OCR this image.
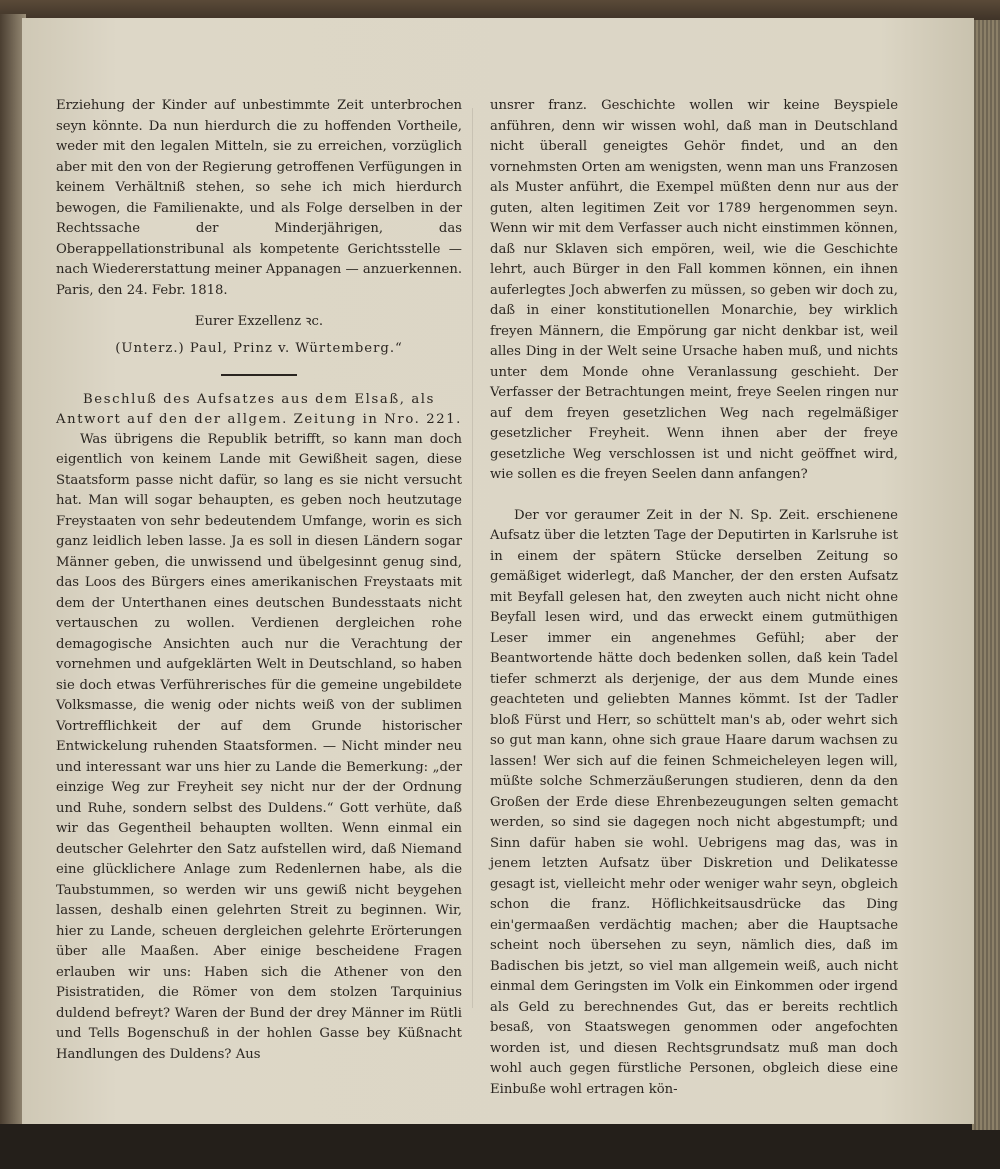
Erziehung der Kinder auf unbestimmte Zeit unterbrochen seyn könnte. Da nun hierdurch die zu hoffenden Vortheile, weder mit den legalen Mitteln, sie zu erreichen, vorzüglich aber mit den von der Regierung getroffenen Verfügungen in keinem Verhältniß stehen, so sehe ich mich hierdurch bewogen, die Familienakte, und als Folge derselben in der Rechtssache der Minderjährigen, das Oberappellationstribunal als kompetente Gerichtsstelle — nach Wiedererstattung meiner Appanagen — anzuerkennen. Paris, den 24. Febr. 1818.

Eurer Exzellenz ꝛc.

(Unterz.) Paul, Prinz v. Würtemberg.“

Beschluß des Aufsatzes aus dem Elsaß, als Antwort auf den der allgem. Zeitung in Nro. 221.

Was übrigens die Republik betrifft, so kann man doch eigentlich von keinem Lande mit Gewißheit sagen, diese Staatsform passe nicht dafür, so lang es sie nicht versucht hat. Man will sogar behaupten, es geben noch heutzutage Freystaaten von sehr bedeutendem Umfange, worin es sich ganz leidlich leben lasse. Ja es soll in diesen Ländern sogar Männer geben, die unwissend und übelgesinnt genug sind, das Loos des Bürgers eines amerikanischen Freystaats mit dem der Unterthanen eines deutschen Bundesstaats nicht vertauschen zu wollen. Verdienen dergleichen rohe demagogische Ansichten auch nur die Verachtung der vornehmen und aufgeklärten Welt in Deutschland, so haben sie doch etwas Verführerisches für die gemeine ungebildete Volksmasse, die wenig oder nichts weiß von der sublimen Vortrefflichkeit der auf dem Grunde historischer Entwickelung ruhenden Staatsformen. — Nicht minder neu und interessant war uns hier zu Lande die Bemerkung: „der einzige Weg zur Freyheit sey nicht nur der der Ordnung und Ruhe, sondern selbst des Duldens.“ Gott verhüte, daß wir das Gegentheil behaupten wollten. Wenn einmal ein deutscher Gelehrter den Satz aufstellen wird, daß Niemand eine glücklichere Anlage zum Redenlernen habe, als die Taubstummen, so werden wir uns gewiß nicht beygehen lassen, deshalb einen gelehrten Streit zu beginnen. Wir, hier zu Lande, scheuen dergleichen gelehrte Erörterungen über alle Maaßen. Aber einige bescheidene Fragen erlauben wir uns: Haben sich die Athener von den Pisistratiden, die Römer von dem stolzen Tarquinius duldend befreyt? Waren der Bund der drey Männer im Rütli und Tells Bogenschuß in der hohlen Gasse bey Küßnacht Handlungen des Duldens? Aus

unsrer franz. Geschichte wollen wir keine Beyspiele anführen, denn wir wissen wohl, daß man in Deutschland nicht überall geneigtes Gehör findet, und an den vornehmsten Orten am wenigsten, wenn man uns Franzosen als Muster anführt, die Exempel müßten denn nur aus der guten, alten legitimen Zeit vor 1789 hergenommen seyn. Wenn wir mit dem Verfasser auch nicht einstimmen können, daß nur Sklaven sich empören, weil, wie die Geschichte lehrt, auch Bürger in den Fall kommen können, ein ihnen auferlegtes Joch abwerfen zu müssen, so geben wir doch zu, daß in einer konstitutionellen Monarchie, bey wirklich freyen Männern, die Empörung gar nicht denkbar ist, weil alles Ding in der Welt seine Ursache haben muß, und nichts unter dem Monde ohne Veranlassung geschieht. Der Verfasser der Betrachtungen meint, freye Seelen ringen nur auf dem freyen gesetzlichen Weg nach regelmäßiger gesetzlicher Freyheit. Wenn ihnen aber der freye gesetzliche Weg verschlossen ist und nicht geöffnet wird, wie sollen es die freyen Seelen dann anfangen?

Der vor geraumer Zeit in der N. Sp. Zeit. erschienene Aufsatz über die letzten Tage der Deputirten in Karlsruhe ist in einem der spätern Stücke derselben Zeitung so gemäßiget widerlegt, daß Mancher, der den ersten Aufsatz mit Beyfall gelesen hat, den zweyten auch nicht nicht ohne Beyfall lesen wird, und das erweckt einem gutmüthigen Leser immer ein angenehmes Gefühl; aber der Beantwortende hätte doch bedenken sollen, daß kein Tadel tiefer schmerzt als derjenige, der aus dem Munde eines geachteten und geliebten Mannes kömmt. Ist der Tadler bloß Fürst und Herr, so schüttelt man's ab, oder wehrt sich so gut man kann, ohne sich graue Haare darum wachsen zu lassen! Wer sich auf die feinen Schmeicheleyen legen will, müßte solche Schmerzäußerungen studieren, denn da den Großen der Erde diese Ehrenbezeugungen selten gemacht werden, so sind sie dagegen noch nicht abgestumpft; und Sinn dafür haben sie wohl. Uebrigens mag das, was in jenem letzten Aufsatz über Diskretion und Delikatesse gesagt ist, vielleicht mehr oder weniger wahr seyn, obgleich schon die franz. Höflichkeitsausdrücke das Ding ein'germaaßen verdächtig machen; aber die Hauptsache scheint noch übersehen zu seyn, nämlich dies, daß im Badischen bis jetzt, so viel man allgemein weiß, auch nicht einmal dem Geringsten im Volk ein Einkommen oder irgend als Geld zu berechnendes Gut, das er bereits rechtlich besaß, von Staatswegen genommen oder angefochten worden ist, und diesen Rechtsgrundsatz muß man doch wohl auch gegen fürstliche Personen, obgleich diese eine Einbuße wohl ertragen kön-
